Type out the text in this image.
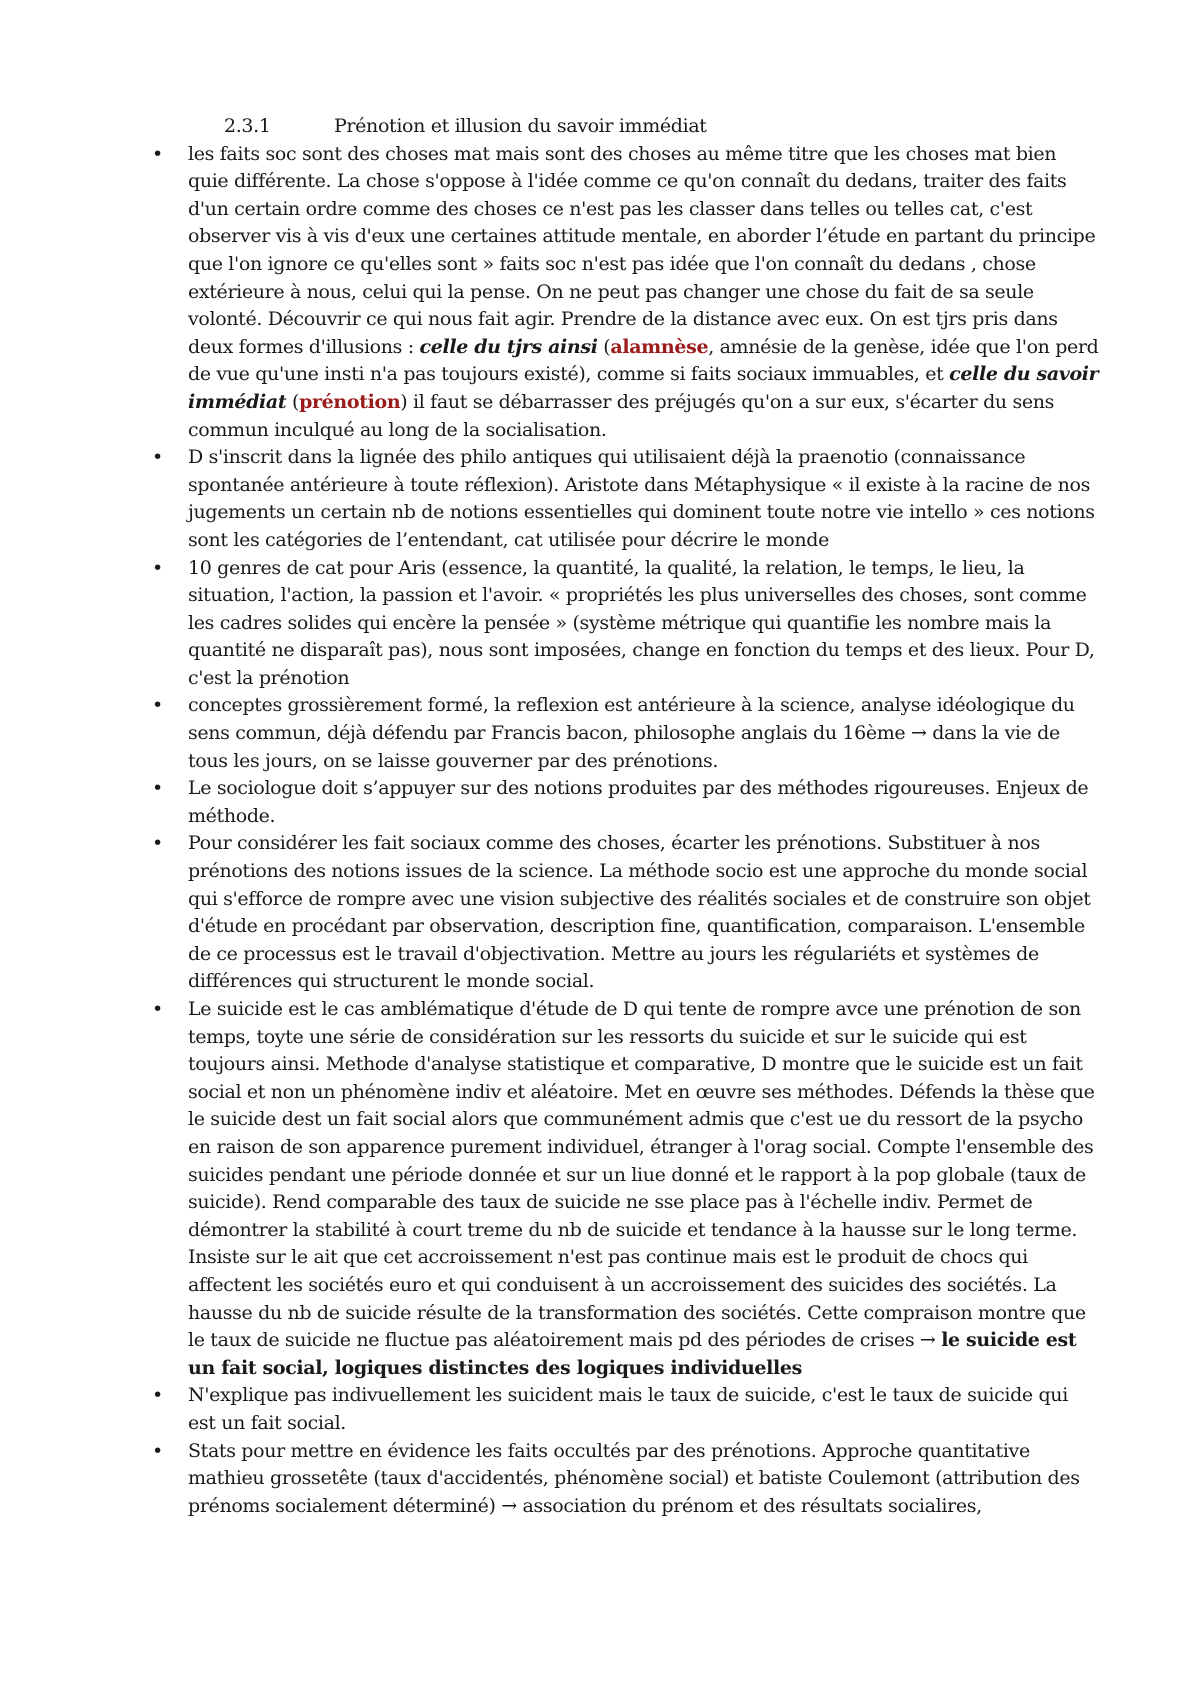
2.3.1	Prénotion et illusion du savoir immédiat

•	les faits soc sont des choses mat mais sont des choses au même titre que les choses mat bien quie différente. La chose s'oppose à l'idée comme ce qu'on connaît du dedans, traiter des faits d'un certain ordre comme des choses ce n'est pas les classer dans telles ou telles cat, c'est observer vis à vis d'eux une certaines attitude mentale, en aborder l’étude en partant du principe que l'on ignore ce qu'elles sont » faits soc n'est pas idée que l'on connaît du dedans , chose extérieure à nous, celui qui la pense. On ne peut pas changer une chose du fait de sa seule volonté. Découvrir ce qui nous fait agir. Prendre de la distance avec eux. On est tjrs pris dans deux formes d'illusions : celle du tjrs ainsi (alamnèse, amnésie de la genèse, idée que l'on perd de vue qu'une insti n'a pas toujours existé), comme si faits sociaux immuables, et celle du savoir immédiat (prénotion) il faut se débarrasser des préjugés qu'on a sur eux, s'écarter du sens commun inculqué au long de la socialisation.
•	D s'inscrit dans la lignée des philo antiques qui utilisaient déjà la praenotio (connaissance spontanée antérieure à toute réflexion). Aristote dans Métaphysique « il existe à la racine de nos jugements un certain nb de notions essentielles qui dominent toute notre vie intello » ces notions sont les catégories de l’entendant, cat utilisée pour décrire le monde
•	10 genres de cat pour Aris (essence, la quantité, la qualité, la relation, le temps, le lieu, la situation, l'action, la passion et l'avoir. « propriétés les plus universelles des choses, sont comme les cadres solides qui encère la pensée » (système métrique qui quantifie les nombre mais la quantité ne disparaît pas), nous sont imposées, change en fonction du temps et des lieux. Pour D, c'est la prénotion
•	conceptes grossièrement formé, la reflexion est antérieure à la science, analyse idéologique du sens commun, déjà défendu par Francis bacon, philosophe anglais du 16ème → dans la vie de tous les jours, on se laisse gouverner par des prénotions.
•	Le sociologue doit s’appuyer sur des notions produites par des méthodes rigoureuses. Enjeux de méthode.
•	Pour considérer les fait sociaux comme des choses, écarter les prénotions. Substituer à nos prénotions des notions issues de la science. La méthode socio est une approche du monde social qui s'efforce de rompre avec une vision subjective des réalités sociales et de construire son objet d'étude en procédant par observation, description fine, quantification, comparaison. L'ensemble de ce processus est le travail d'objectivation. Mettre au jours les régulariéts et systèmes de différences qui structurent le monde social.
•	Le suicide est le cas amblématique d'étude de D qui tente de rompre avce une prénotion de son temps, toyte une série de considération sur les ressorts du suicide et sur le suicide qui est toujours ainsi. Methode d'analyse statistique et comparative, D montre que le suicide est un fait social et non un phénomène indiv et aléatoire. Met en œuvre ses méthodes. Défends la thèse que le suicide dest un fait social alors que communément admis que c'est ue du ressort de la psycho en raison de son apparence purement individuel, étranger à l'orag social. Compte l'ensemble des suicides pendant une période donnée et sur un liue donné et le rapport à la pop globale (taux de suicide). Rend comparable des taux de suicide ne sse place pas à l'échelle indiv. Permet de démontrer la stabilité à court treme du nb de suicide et tendance à la hausse sur le long terme. Insiste sur le ait que cet accroissement n'est pas continue mais est le produit de chocs qui affectent les sociétés euro et qui conduisent à un accroissement des suicides des sociétés. La hausse du nb de suicide résulte de la transformation des sociétés. Cette compraison montre que le taux de suicide ne fluctue pas aléatoirement mais pd des périodes de crises → le suicide est un fait social, logiques distinctes des logiques individuelles
•	N'explique pas indivuellement les suicident mais le taux de suicide, c'est le taux de suicide qui est un fait social.
•	Stats pour mettre en évidence les faits occultés par des prénotions. Approche quantitative mathieu grossetête (taux d'accidentés, phénomène social) et batiste Coulemont (attribution des prénoms socialement déterminé) → association du prénom et des résultats socialires,
